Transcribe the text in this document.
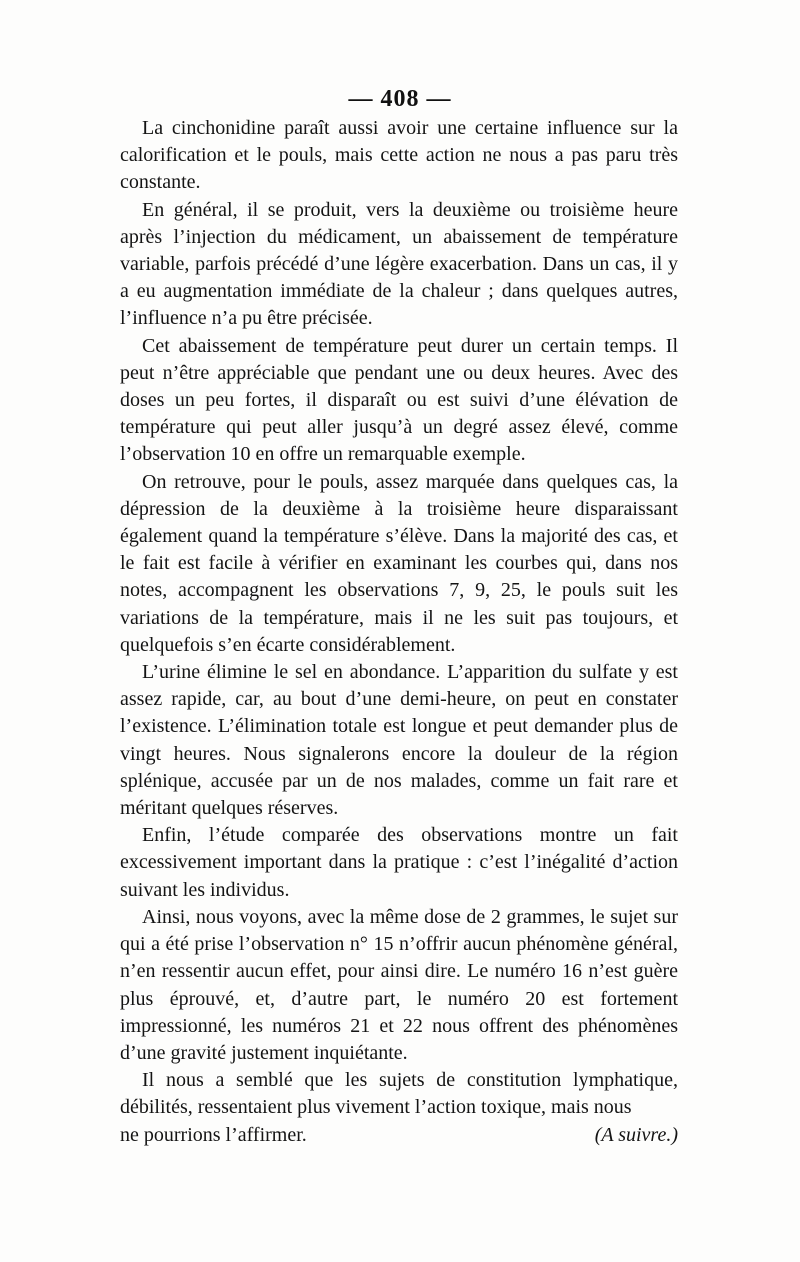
— 408 —

La cinchonidine paraît aussi avoir une certaine influence sur la calorification et le pouls, mais cette action ne nous a pas paru très constante.

En général, il se produit, vers la deuxième ou troisième heure après l’injection du médicament, un abaissement de température variable, parfois précédé d’une légère exacerbation. Dans un cas, il y a eu augmentation immédiate de la chaleur ; dans quelques autres, l’influence n’a pu être précisée.

Cet abaissement de température peut durer un certain temps. Il peut n’être appréciable que pendant une ou deux heures. Avec des doses un peu fortes, il disparaît ou est suivi d’une élévation de température qui peut aller jusqu’à un degré assez élevé, comme l’observation 10 en offre un remarquable exemple.

On retrouve, pour le pouls, assez marquée dans quelques cas, la dépression de la deuxième à la troisième heure disparaissant également quand la température s’élève. Dans la majorité des cas, et le fait est facile à vérifier en examinant les courbes qui, dans nos notes, accompagnent les observations 7, 9, 25, le pouls suit les variations de la température, mais il ne les suit pas toujours, et quelquefois s’en écarte considérablement.

L’urine élimine le sel en abondance. L’apparition du sulfate y est assez rapide, car, au bout d’une demi-heure, on peut en constater l’existence. L’élimination totale est longue et peut demander plus de vingt heures. Nous signalerons encore la douleur de la région splénique, accusée par un de nos malades, comme un fait rare et méritant quelques réserves.

Enfin, l’étude comparée des observations montre un fait excessivement important dans la pratique : c’est l’inégalité d’action suivant les individus.

Ainsi, nous voyons, avec la même dose de 2 grammes, le sujet sur qui a été prise l’observation n° 15 n’offrir aucun phénomène général, n’en ressentir aucun effet, pour ainsi dire. Le numéro 16 n’est guère plus éprouvé, et, d’autre part, le numéro 20 est fortement impressionné, les numéros 21 et 22 nous offrent des phénomènes d’une gravité justement inquiétante.

Il nous a semblé que les sujets de constitution lymphatique, débilités, ressentaient plus vivement l’action toxique, mais nous

ne pourrions l’affirmer.	(A suivre.)
